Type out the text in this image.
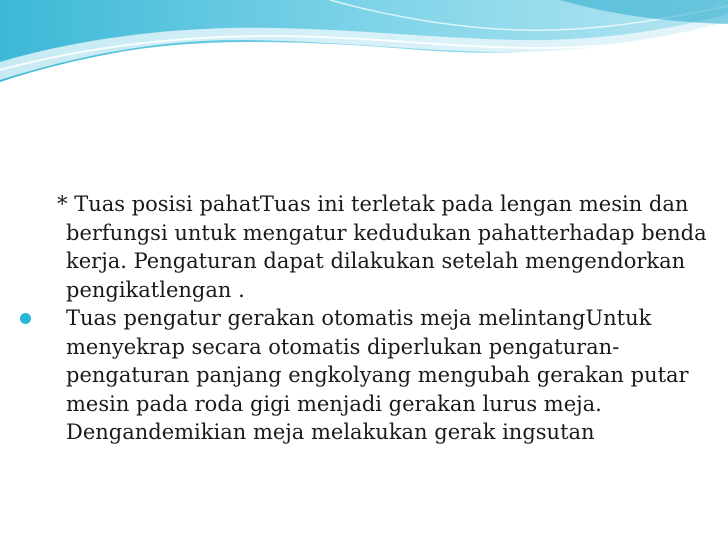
* Tuas posisi pahatTuas ini terletak pada lengan mesin dan berfungsi untuk mengatur kedudukan pahatterhadap benda kerja. Pengaturan dapat dilakukan setelah mengendorkan pengikatlengan .

Tuas pengatur gerakan otomatis meja melintangUntuk menyekrap secara otomatis diperlukan pengaturan-pengaturan panjang engkolyang mengubah gerakan putar mesin pada roda gigi menjadi gerakan lurus meja. Dengandemikian meja melakukan gerak ingsutan
